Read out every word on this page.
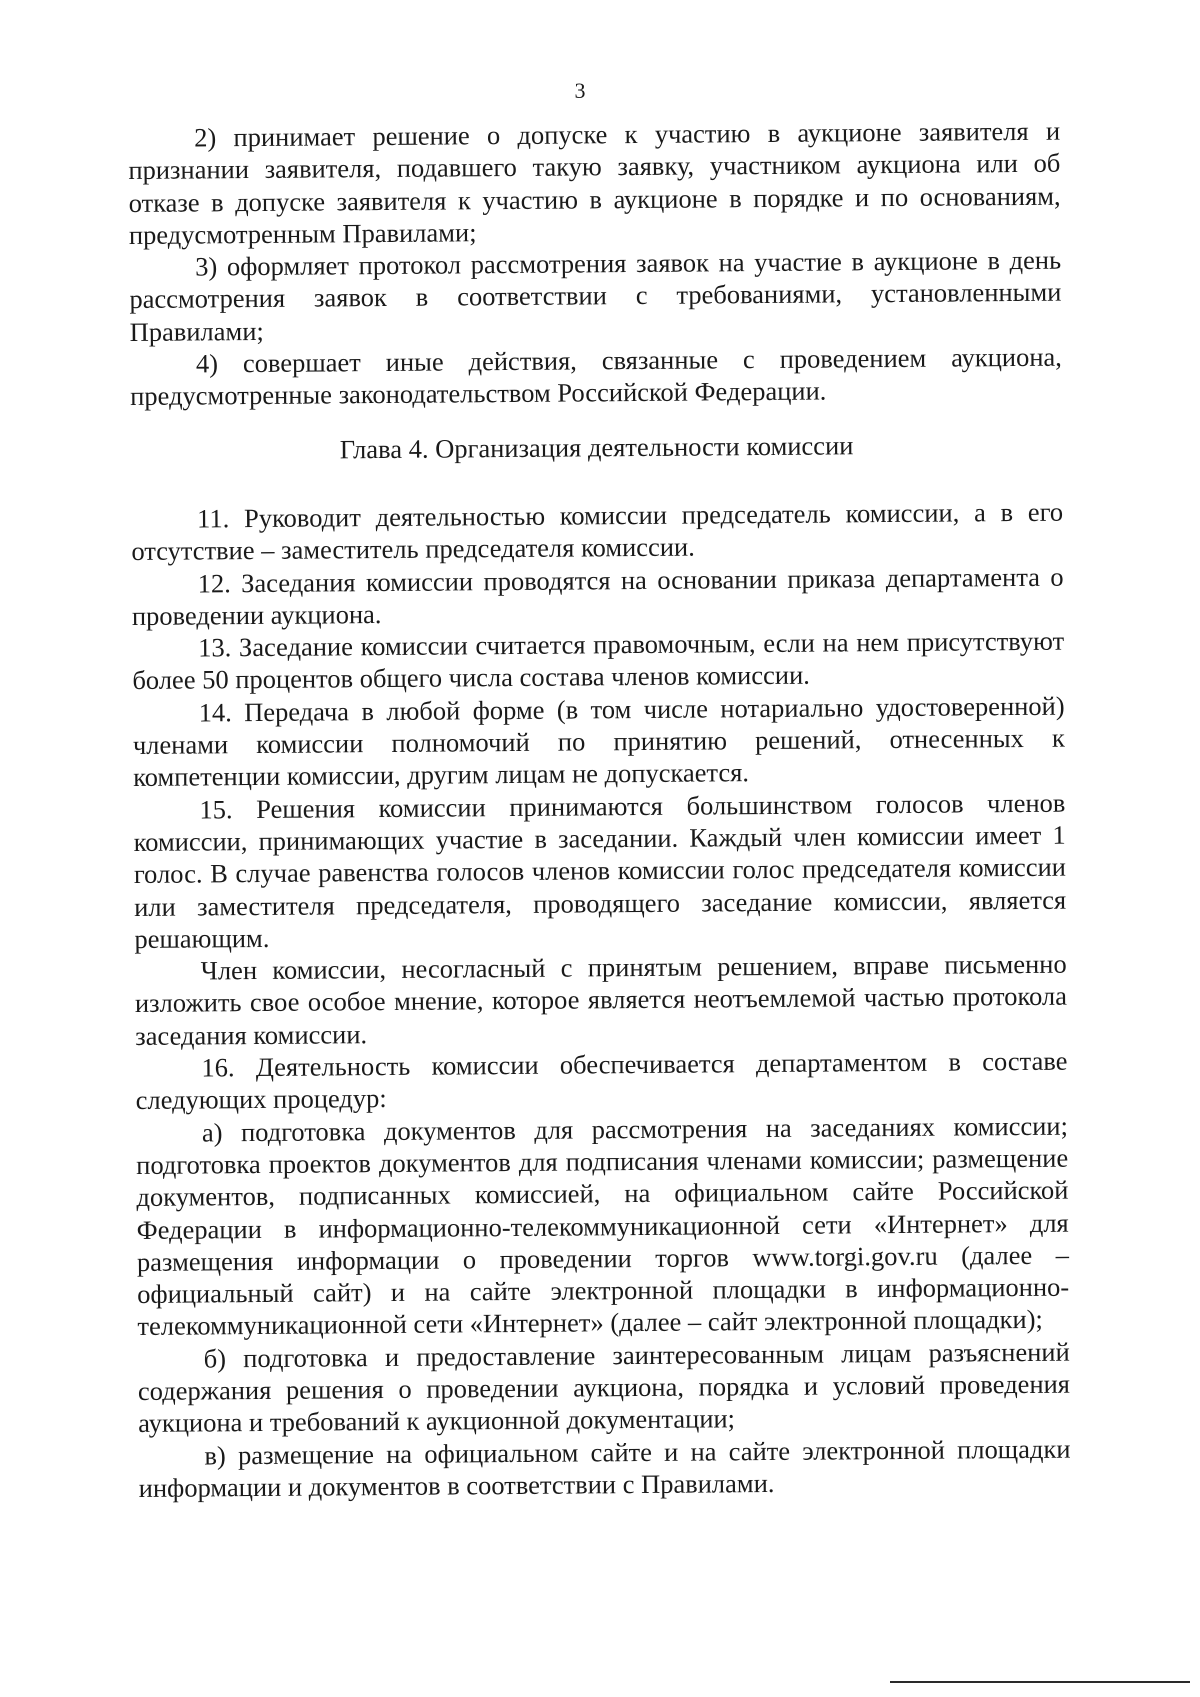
3

2) принимает решение о допуске к участию в аукционе заявителя и признании заявителя, подавшего такую заявку, участником аукциона или об отказе в допуске заявителя к участию в аукционе в порядке и по основаниям, предусмотренным Правилами;

3) оформляет протокол рассмотрения заявок на участие в аукционе в день рассмотрения заявок в соответствии с требованиями, установленными Правилами;

4) совершает иные действия, связанные с проведением аукциона, предусмотренные законодательством Российской Федерации.

Глава 4. Организация деятельности комиссии

11. Руководит деятельностью комиссии председатель комиссии, а в его отсутствие – заместитель председателя комиссии.

12. Заседания комиссии проводятся на основании приказа департамента о проведении аукциона.

13. Заседание комиссии считается правомочным, если на нем присутствуют более 50 процентов общего числа состава членов комиссии.

14. Передача в любой форме (в том числе нотариально удостоверенной) членами комиссии полномочий по принятию решений, отнесенных к компетенции комиссии, другим лицам не допускается.

15. Решения комиссии принимаются большинством голосов членов комиссии, принимающих участие в заседании. Каждый член комиссии имеет 1 голос. В случае равенства голосов членов комиссии голос председателя комиссии или заместителя председателя, проводящего заседание комиссии, является решающим.

Член комиссии, несогласный с принятым решением, вправе письменно изложить свое особое мнение, которое является неотъемлемой частью протокола заседания комиссии.

16. Деятельность комиссии обеспечивается департаментом в составе следующих процедур:

а) подготовка документов для рассмотрения на заседаниях комиссии; подготовка проектов документов для подписания членами комиссии; размещение документов, подписанных комиссией, на официальном сайте Российской Федерации в информационно-телекоммуникационной сети «Интернет» для размещения информации о проведении торгов www.torgi.gov.ru (далее – официальный сайт) и на сайте электронной площадки в информационно-телекоммуникационной сети «Интернет» (далее – сайт электронной площадки);

б) подготовка и предоставление заинтересованным лицам разъяснений содержания решения о проведении аукциона, порядка и условий проведения аукциона и требований к аукционной документации;

в) размещение на официальном сайте и на сайте электронной площадки информации и документов в соответствии с Правилами.
